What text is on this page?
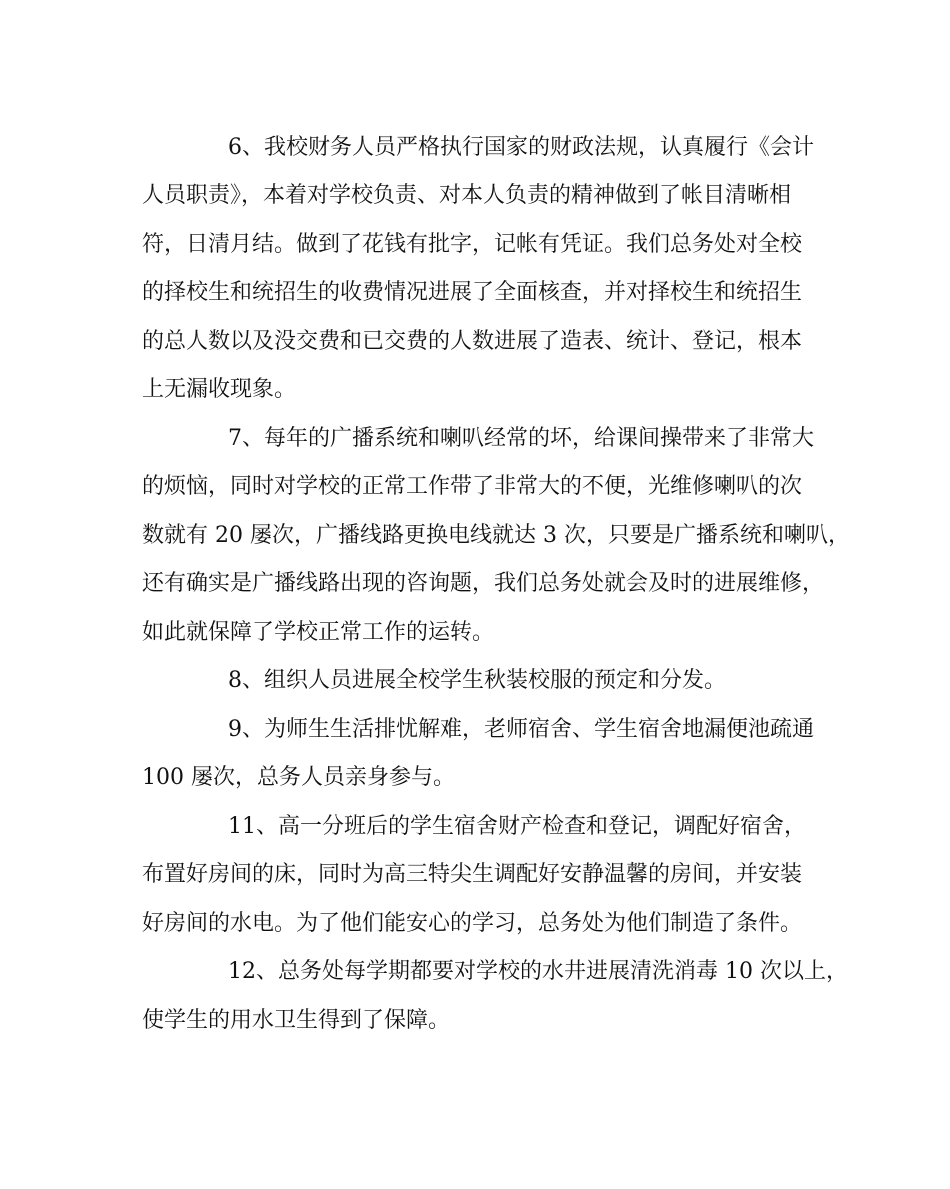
6、我校财务人员严格执行国家的财政法规，认真履行《会计
人员职责》，本着对学校负责、对本人负责的精神做到了帐目清晰相
符，日清月结。做到了花钱有批字，记帐有凭证。我们总务处对全校
的择校生和统招生的收费情况进展了全面核查，并对择校生和统招生
的总人数以及没交费和已交费的人数进展了造表、统计、登记，根本
上无漏收现象。
7、每年的广播系统和喇叭经常的坏，给课间操带来了非常大
的烦恼，同时对学校的正常工作带了非常大的不便，光维修喇叭的次
数就有 20 屡次，广播线路更换电线就达 3 次，只要是广播系统和喇叭，
还有确实是广播线路出现的咨询题，我们总务处就会及时的进展维修，
如此就保障了学校正常工作的运转。
8、组织人员进展全校学生秋装校服的预定和分发。
9、为师生生活排忧解难，老师宿舍、学生宿舍地漏便池疏通
100 屡次，总务人员亲身参与。
11、高一分班后的学生宿舍财产检查和登记，调配好宿舍，
布置好房间的床，同时为高三特尖生调配好安静温馨的房间，并安装
好房间的水电。为了他们能安心的学习，总务处为他们制造了条件。
12、总务处每学期都要对学校的水井进展清洗消毒 10 次以上，
使学生的用水卫生得到了保障。
